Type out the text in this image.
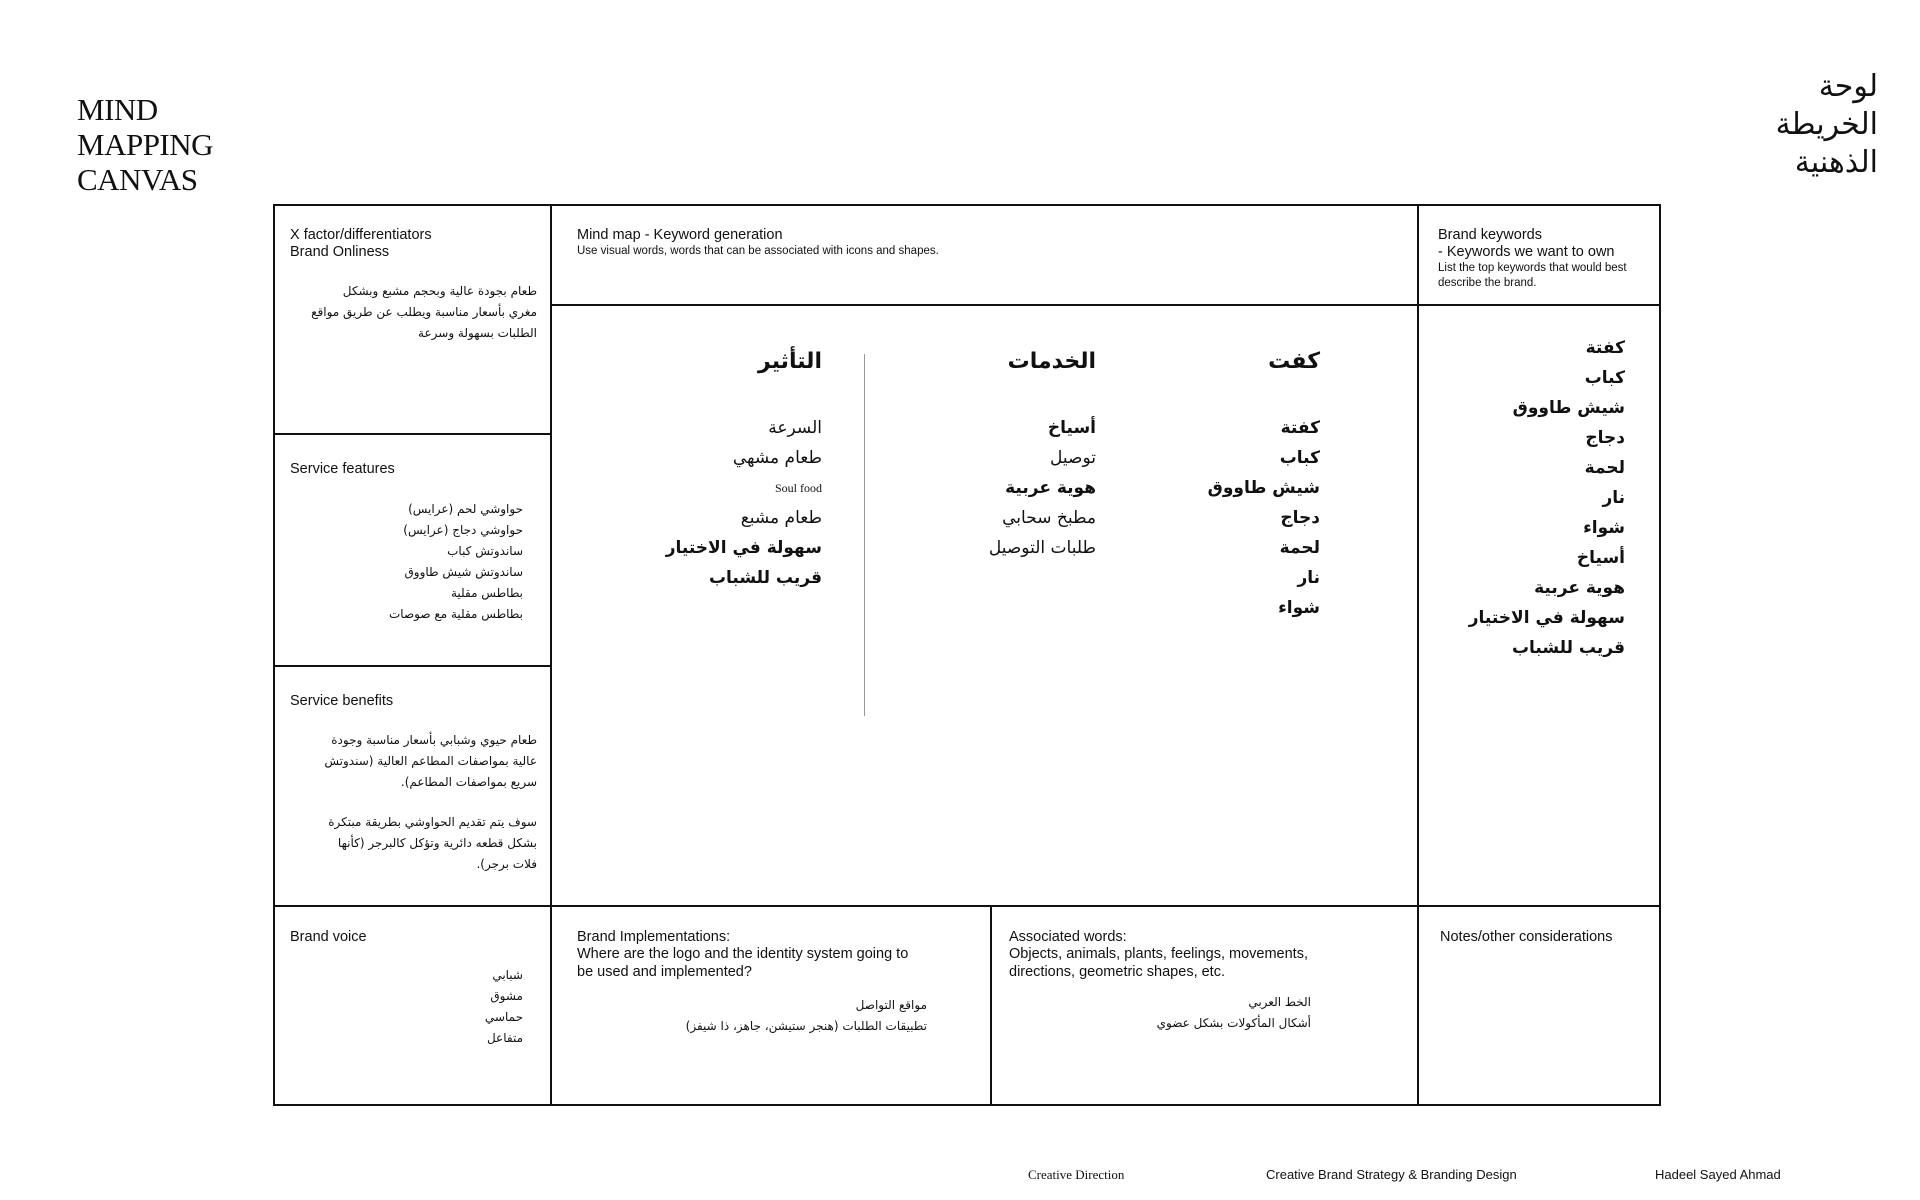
MIND
MAPPING
CANVAS
لوحة
الخريطة
الذهنية
X factor/differentiators
Brand Onliness
طعام بجودة عالية وبحجم مشبع وبشكل
مغري بأسعار مناسبة ويطلب عن طريق مواقع
الطلبات بسهولة وسرعة
Service features
حواوشي لحم (عرايس)
حواوشي دجاج (عرايس)
ساندوتش كباب
ساندوتش شيش طاووق
بطاطس مقلية
بطاطس مقلية مع صوصات
Service benefits
طعام حيوي وشبابي بأسعار مناسبة وجودة
عالية بمواصفات المطاعم العالية (سندوتش
سريع بمواصفات المطاعم).
سوف يتم تقديم الحواوشي بطريقة مبتكرة
بشكل قطعه دائرية وتؤكل كالبرجر (كأنها
فلات برجر).
Mind map - Keyword generation
Use visual words, words that can be associated with icons and shapes.
كفت
كفتة
كباب
شيش طاووق
دجاج
لحمة
نار
شواء
الخدمات
أسياخ
توصيل
هوية عربية
مطبخ سحابي
طلبات التوصيل
التأثير
السرعة
طعام مشهي
Soul food
طعام مشبع
سهولة في الاختيار
قريب للشباب
Brand keywords
- Keywords we want to own
List the top keywords that would best describe the brand.
كفتة
كباب
شيش طاووق
دجاج
لحمة
نار
شواء
أسياخ
هوية عربية
سهولة في الاختيار
قريب للشباب
Brand voice
شبابي
مشوق
حماسي
متفاعل
Brand Implementations:
Where are the logo and the identity system going to be used and implemented?
مواقع التواصل
تطبيقات الطلبات (هنجر ستيشن، جاهز، ذا شيفز)
Associated words:
Objects, animals, plants, feelings, movements, directions, geometric shapes, etc.
الخط العربي
أشكال المأكولات بشكل عضوي
Notes/other considerations
Creative Direction	Creative Brand Strategy & Branding Design	Hadeel Sayed Ahmad
